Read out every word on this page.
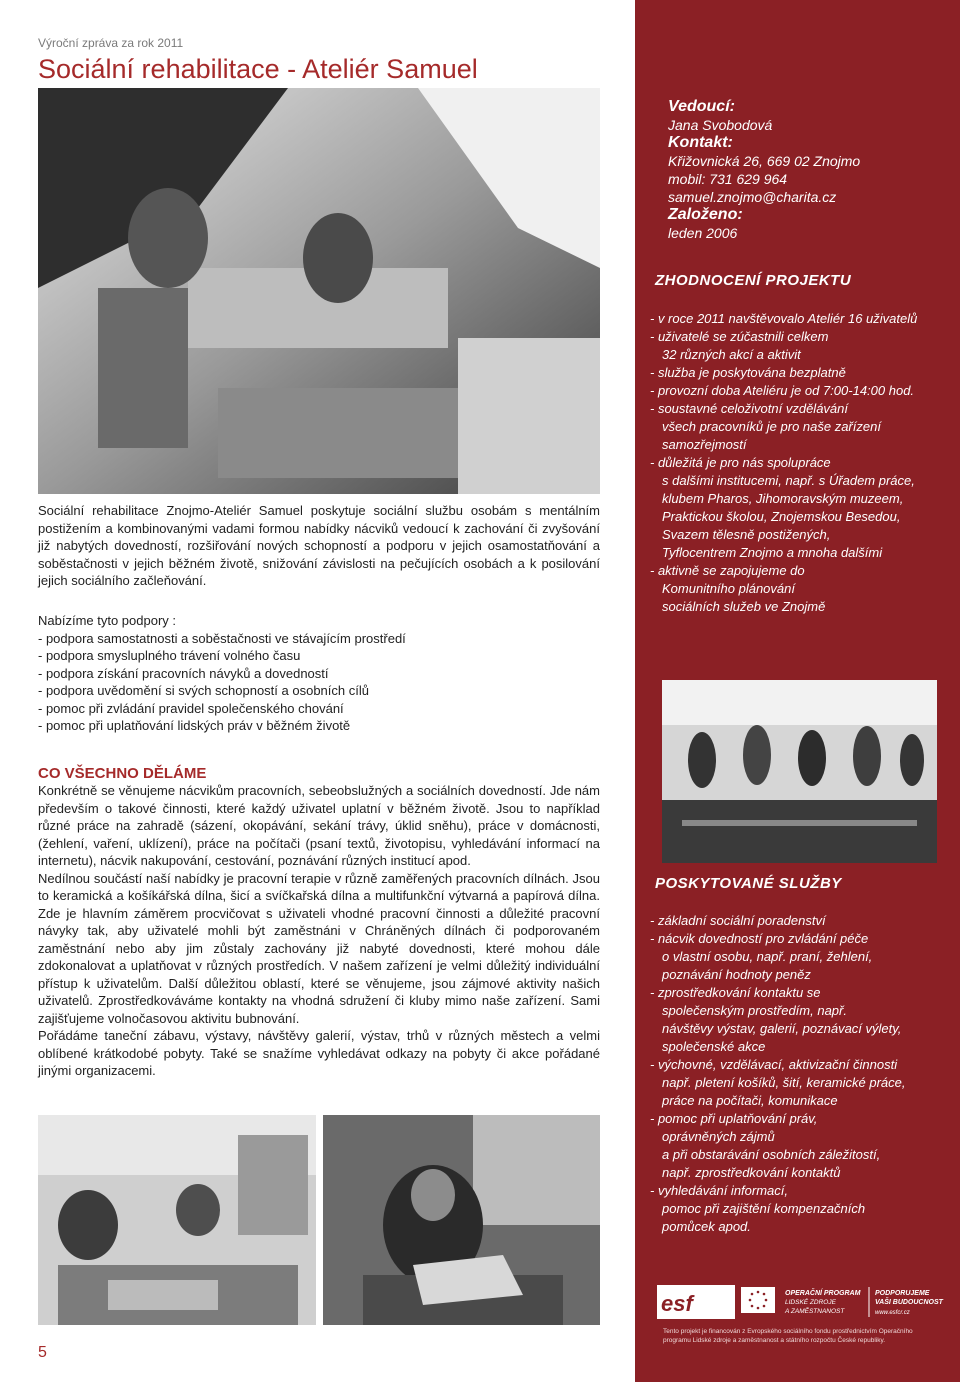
Výroční zpráva za rok 2011
Sociální rehabilitace - Ateliér Samuel
Sociální rehabilitace Znojmo-Ateliér Samuel poskytuje sociální službu osobám s mentálním postižením a kombinovanými vadami formou nabídky nácviků vedoucí k zachování či zvyšování již nabytých dovedností, rozšiřování nových schopností a podporu v jejich osamostatňování a soběstačnosti v jejich běžném životě, snižování závislosti na pečujících osobách a k posilování jejich sociálního začleňování.
Nabízíme tyto podpory :
- podpora samostatnosti a soběstačnosti ve stávajícím prostředí
- podpora smysluplného trávení volného času
- podpora získání pracovních návyků a dovedností
- podpora uvědomění si svých schopností a osobních cílů
- pomoc při zvládání pravidel společenského chování
- pomoc při uplatňování lidských práv v běžném životě
CO VŠECHNO DĚLÁME

Konkrétně se věnujeme nácvikům pracovních, sebeobslužných a sociálních dovedností. Jde nám především o takové činnosti, které každý uživatel uplatní v běžném životě. Jsou to například různé práce na zahradě (sázení, okopávání, sekání trávy, úklid sněhu), práce v domácnosti, (žehlení, vaření, uklízení), práce na počítači (psaní textů, životopisu, vyhledávání informací na internetu), nácvik nakupování, cestování, poznávání různých institucí apod.

Nedílnou součástí naší nabídky je pracovní terapie v různě zaměřených pracovních dílnách. Jsou to keramická a košíkářská dílna, šicí a svíčkařská dílna a multifunkční výtvarná a papírová dílna. Zde je hlavním záměrem procvičovat s uživateli vhodné pracovní činnosti a důležité pracovní návyky tak, aby uživatelé mohli být zaměstnáni v Chráněných dílnách či podporovaném zaměstnání nebo aby jim zůstaly zachovány již nabyté dovednosti, které mohou dále zdokonalovat a uplatňovat v různých prostředích. V našem zařízení je velmi důležitý individuální přístup k uživatelům. Další důležitou oblastí, které se věnujeme, jsou zájmové aktivity našich uživatelů. Zprostředkováváme kontakty na vhodná sdružení či kluby mimo naše zařízení. Sami zajišťujeme volnočasovou aktivitu bubnování.

Pořádáme taneční zábavu, výstavy, návštěvy galerií, výstav, trhů v různých městech a velmi oblíbené krátkodobé pobyty. Také se snažíme vyhledávat odkazy na pobyty či akce pořádané jinými organizacemi.

5
Vedoucí:
Jana Svobodová
Kontakt:
Křižovnická 26, 669 02 Znojmo
mobil: 731 629 964
samuel.znojmo@charita.cz
Založeno:
leden 2006
ZHODNOCENÍ PROJEKTU
- v roce 2011 navštěvovalo Ateliér 16 uživatelů
- uživatelé se zúčastnili celkem
32 různých akcí a aktivit
- služba je poskytována bezplatně
- provozní doba Ateliéru je od 7:00-14:00 hod.
- soustavné celoživotní vzdělávání
všech pracovníků je pro naše zařízení
samozřejmostí
- důležitá je pro nás spolupráce
s dalšími institucemi, např. s Úřadem práce,
klubem Pharos, Jihomoravským muzeem,
Praktickou školou, Znojemskou Besedou,
Svazem tělesně postižených,
Tyflocentrem Znojmo a mnoha dalšími
- aktivně se zapojujeme do
Komunitního plánování
sociálních služeb ve Znojmě
POSKYTOVANÉ SLUŽBY
- základní sociální poradenství
- nácvik dovedností pro zvládání péče
o vlastní osobu, např. praní, žehlení,
poznávání hodnoty peněz
- zprostředkování kontaktu se
společenským prostředím, např.
návštěvy výstav, galerií, poznávací výlety,
společenské akce
- výchovné, vzdělávací, aktivizační činnosti
např. pletení košíků, šití, keramické práce,
práce na počítači, komunikace
- pomoc při uplatňování práv,
oprávněných zájmů
a při obstarávání osobních záležitostí,
např. zprostředkování kontaktů
- vyhledávání informací,
pomoc při zajištění kompenzačních
pomůcek apod.
esf	OPERAČNÍ PROGRAM
LIDSKÉ ZDROJE
A ZAMĚSTNANOST
PODPORUJEME
VAŠI BUDOUCNOST
www.esfcr.cz
Tento projekt je financován z Evropského sociálního fondu prostřednictvím Operačního programu Lidské zdroje a zaměstnanost a státního rozpočtu České republiky.
